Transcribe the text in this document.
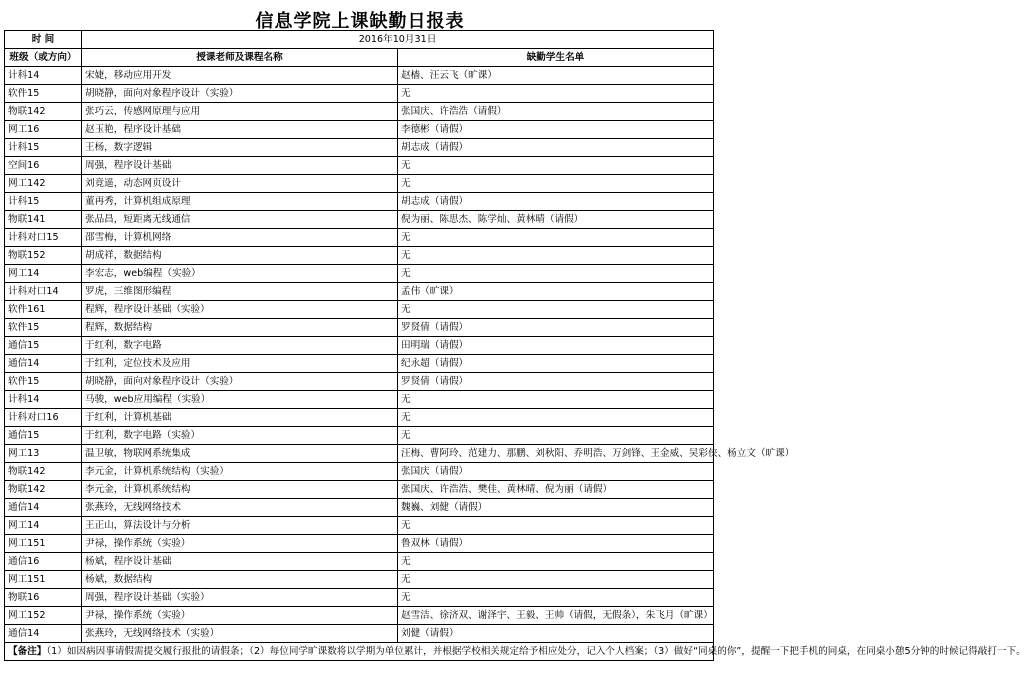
信息学院上课缺勤日报表
时 间	2016年10月31日	
班级（或方向）	授课老师及课程名称	缺勤学生名单
计科14	宋婕，移动应用开发	赵樯、汪云飞（旷课）
软件15	胡晓静，面向对象程序设计（实验）	无
物联142	张巧云，传感网原理与应用	张国庆、许浩浩（请假）
网工16	赵玉艳，程序设计基础	李德彬（请假）
计科15	王杨，数字逻辑	胡志成（请假）
空间16	周强，程序设计基础	无
网工142	刘竟遥，动态网页设计	无
计科15	董再秀，计算机组成原理	胡志成（请假）
物联141	张品昌，短距离无线通信	倪为丽、陈思杰、陈学灿、黄林晴（请假）
计科对口15	邵雪梅，计算机网络	无
物联152	胡成祥，数据结构	无
网工14	李宏志，web编程（实验）	无
计科对口14	罗虎，三维图形编程	孟伟（旷课）
软件161	程辉，程序设计基础（实验）	无
软件15	程辉，数据结构	罗贤倩（请假）
通信15	于红利，数字电路	田明瑞（请假）
通信14	于红利，定位技术及应用	纪永超（请假）
软件15	胡晓静，面向对象程序设计（实验）	罗贤倩（请假）
计科14	马骏，web应用编程（实验）	无
计科对口16	于红利，计算机基础	无
通信15	于红利，数字电路（实验）	无
网工13	温卫敏，物联网系统集成	汪梅、曹阿玲、范建力、那鹏、刘秋阳、乔明浩、万剑锋、王金威、吴彩侠、杨立文（旷课）
物联142	李元金，计算机系统结构（实验）	张国庆（请假）
物联142	李元金，计算机系统结构	张国庆、许浩浩、樊佳、黄林晴、倪为丽（请假）
通信14	张燕玲，无线网络技术	魏巍、刘健（请假）
网工14	王正山，算法设计与分析	无
网工151	尹禄，操作系统（实验）	鲁双林（请假）
通信16	杨斌，程序设计基础	无
网工151	杨斌，数据结构	无
物联16	周强，程序设计基础（实验）	无
网工152	尹禄，操作系统（实验）	赵雪洁、徐济双、谢泽宇、王毅、王帅（请假，无假条），朱飞月（旷课）
通信14	张燕玲，无线网络技术（实验）	刘健（请假）
【备注】（1）如因病因事请假需提交履行报批的请假条；（2）每位同学旷课数将以学期为单位累计，并根据学校相关规定给予相应处分，记入个人档案；（3）做好“同桌的你”，提醒一下把手机的同桌，在同桌小憩5分钟的时候记得敲打一下。		
